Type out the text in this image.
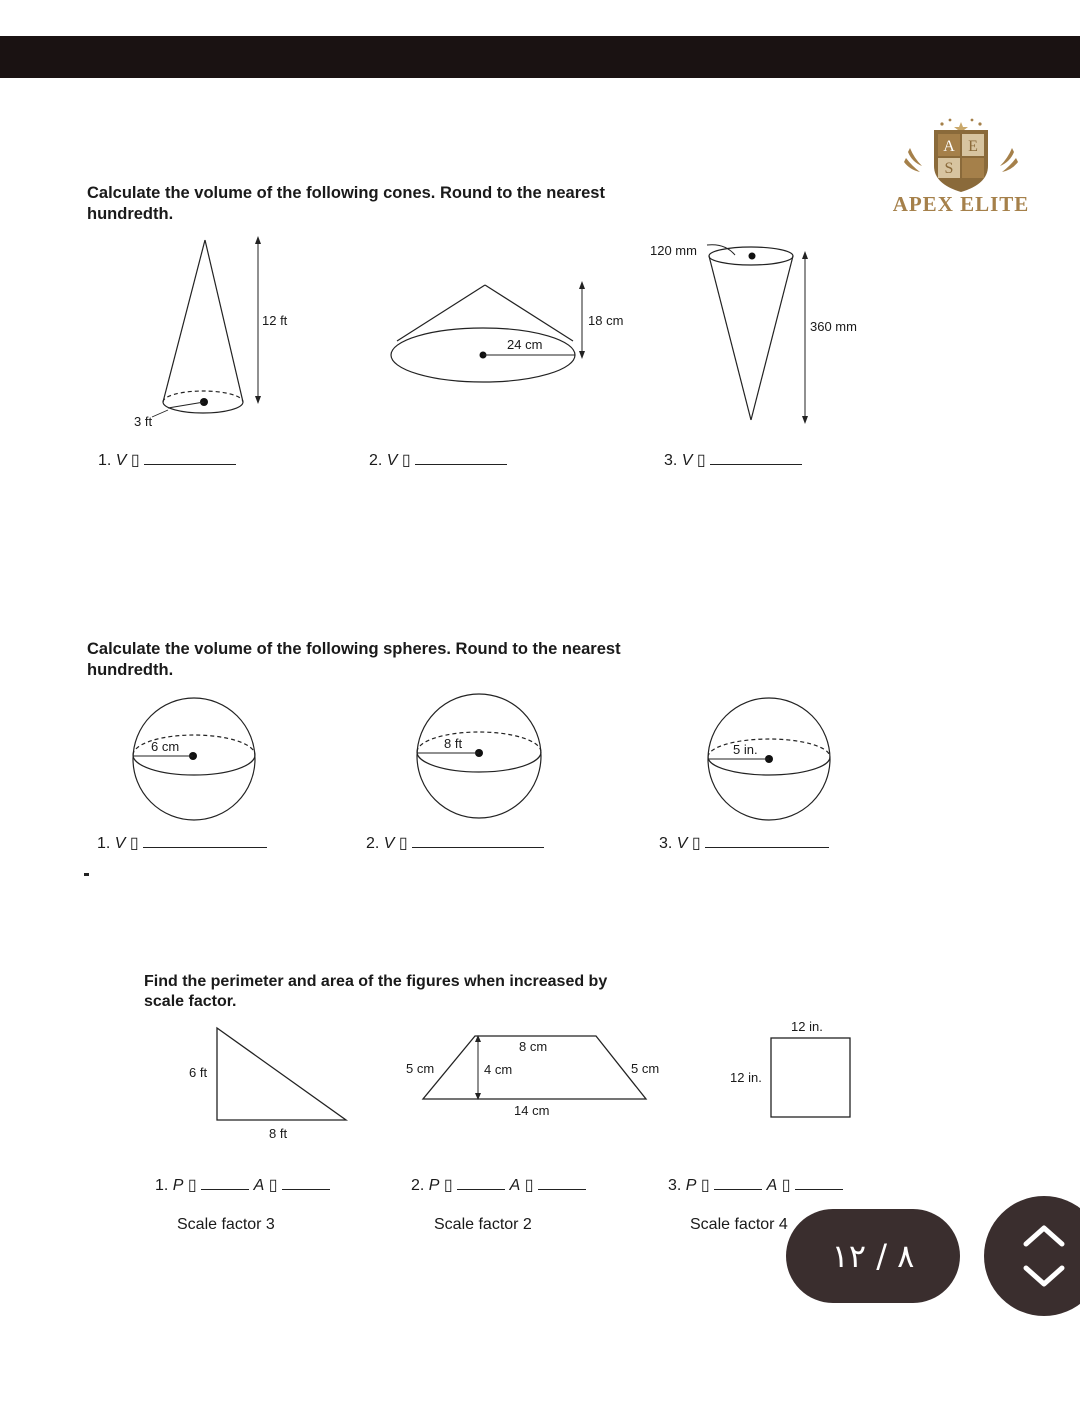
A E
S
APEX ELITE
Calculate the volume of the following cones. Round to the nearest hundredth.
12 ft
3 ft
18 cm
24 cm
120 mm
360 mm
1. V ▯	2. V ▯	3. V ▯
Calculate the volume of the following spheres. Round to the nearest hundredth.
6 cm	8 ft	5 in.
1. V ▯	2. V ▯	3. V ▯
Find the perimeter and area of the figures when increased by scale factor.
6 ft
8 ft
8 cm
5 cm	4 cm	5 cm
14 cm
12 in.
12 in.
1. P ▯	A ▯	2. P ▯	A ▯	3. P ▯	A ▯
Scale factor 3	Scale factor 2	Scale factor 4
٨ / ١٢
